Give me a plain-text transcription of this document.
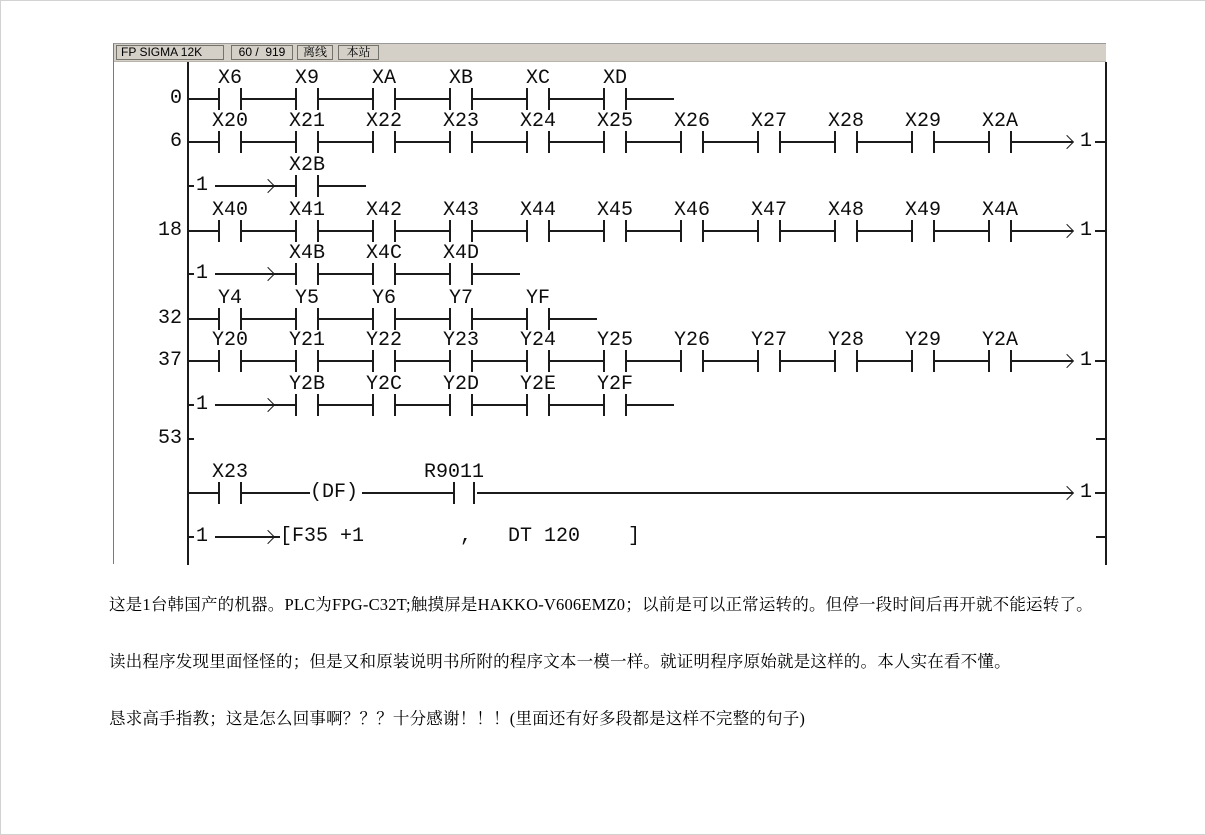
FP SIGMA 12K	60 /  919	离线	本站
0
X6	X9	XA	XB	XC	XD
6
X20	X21	X22	X23	X24	X25	X26	X27	X28	X29	X2A
1
1
X2B
18
X40	X41	X42	X43	X44	X45	X46	X47	X48	X49	X4A
1
1
X4B	X4C	X4D
32
Y4	Y5	Y6	Y7	YF
37
Y20	Y21	Y22	Y23	Y24	Y25	Y26	Y27	Y28	Y29	Y2A
1
1
Y2B	Y2C	Y2D	Y2E	Y2F
53
X23
(DF)
R9011
1
1	[F35 +1        ,   DT 120    ]

这是1台韩国产的机器。PLC为FPG-C32T;触摸屏是HAKKO-V606EMZ0；以前是可以正常运转的。但停一段时间后再开就不能运转了。

读出程序发现里面怪怪的；但是又和原装说明书所附的程序文本一模一样。就证明程序原始就是这样的。本人实在看不懂。

恳求高手指教；这是怎么回事啊？？？十分感谢！！！(里面还有好多段都是这样不完整的句子)
